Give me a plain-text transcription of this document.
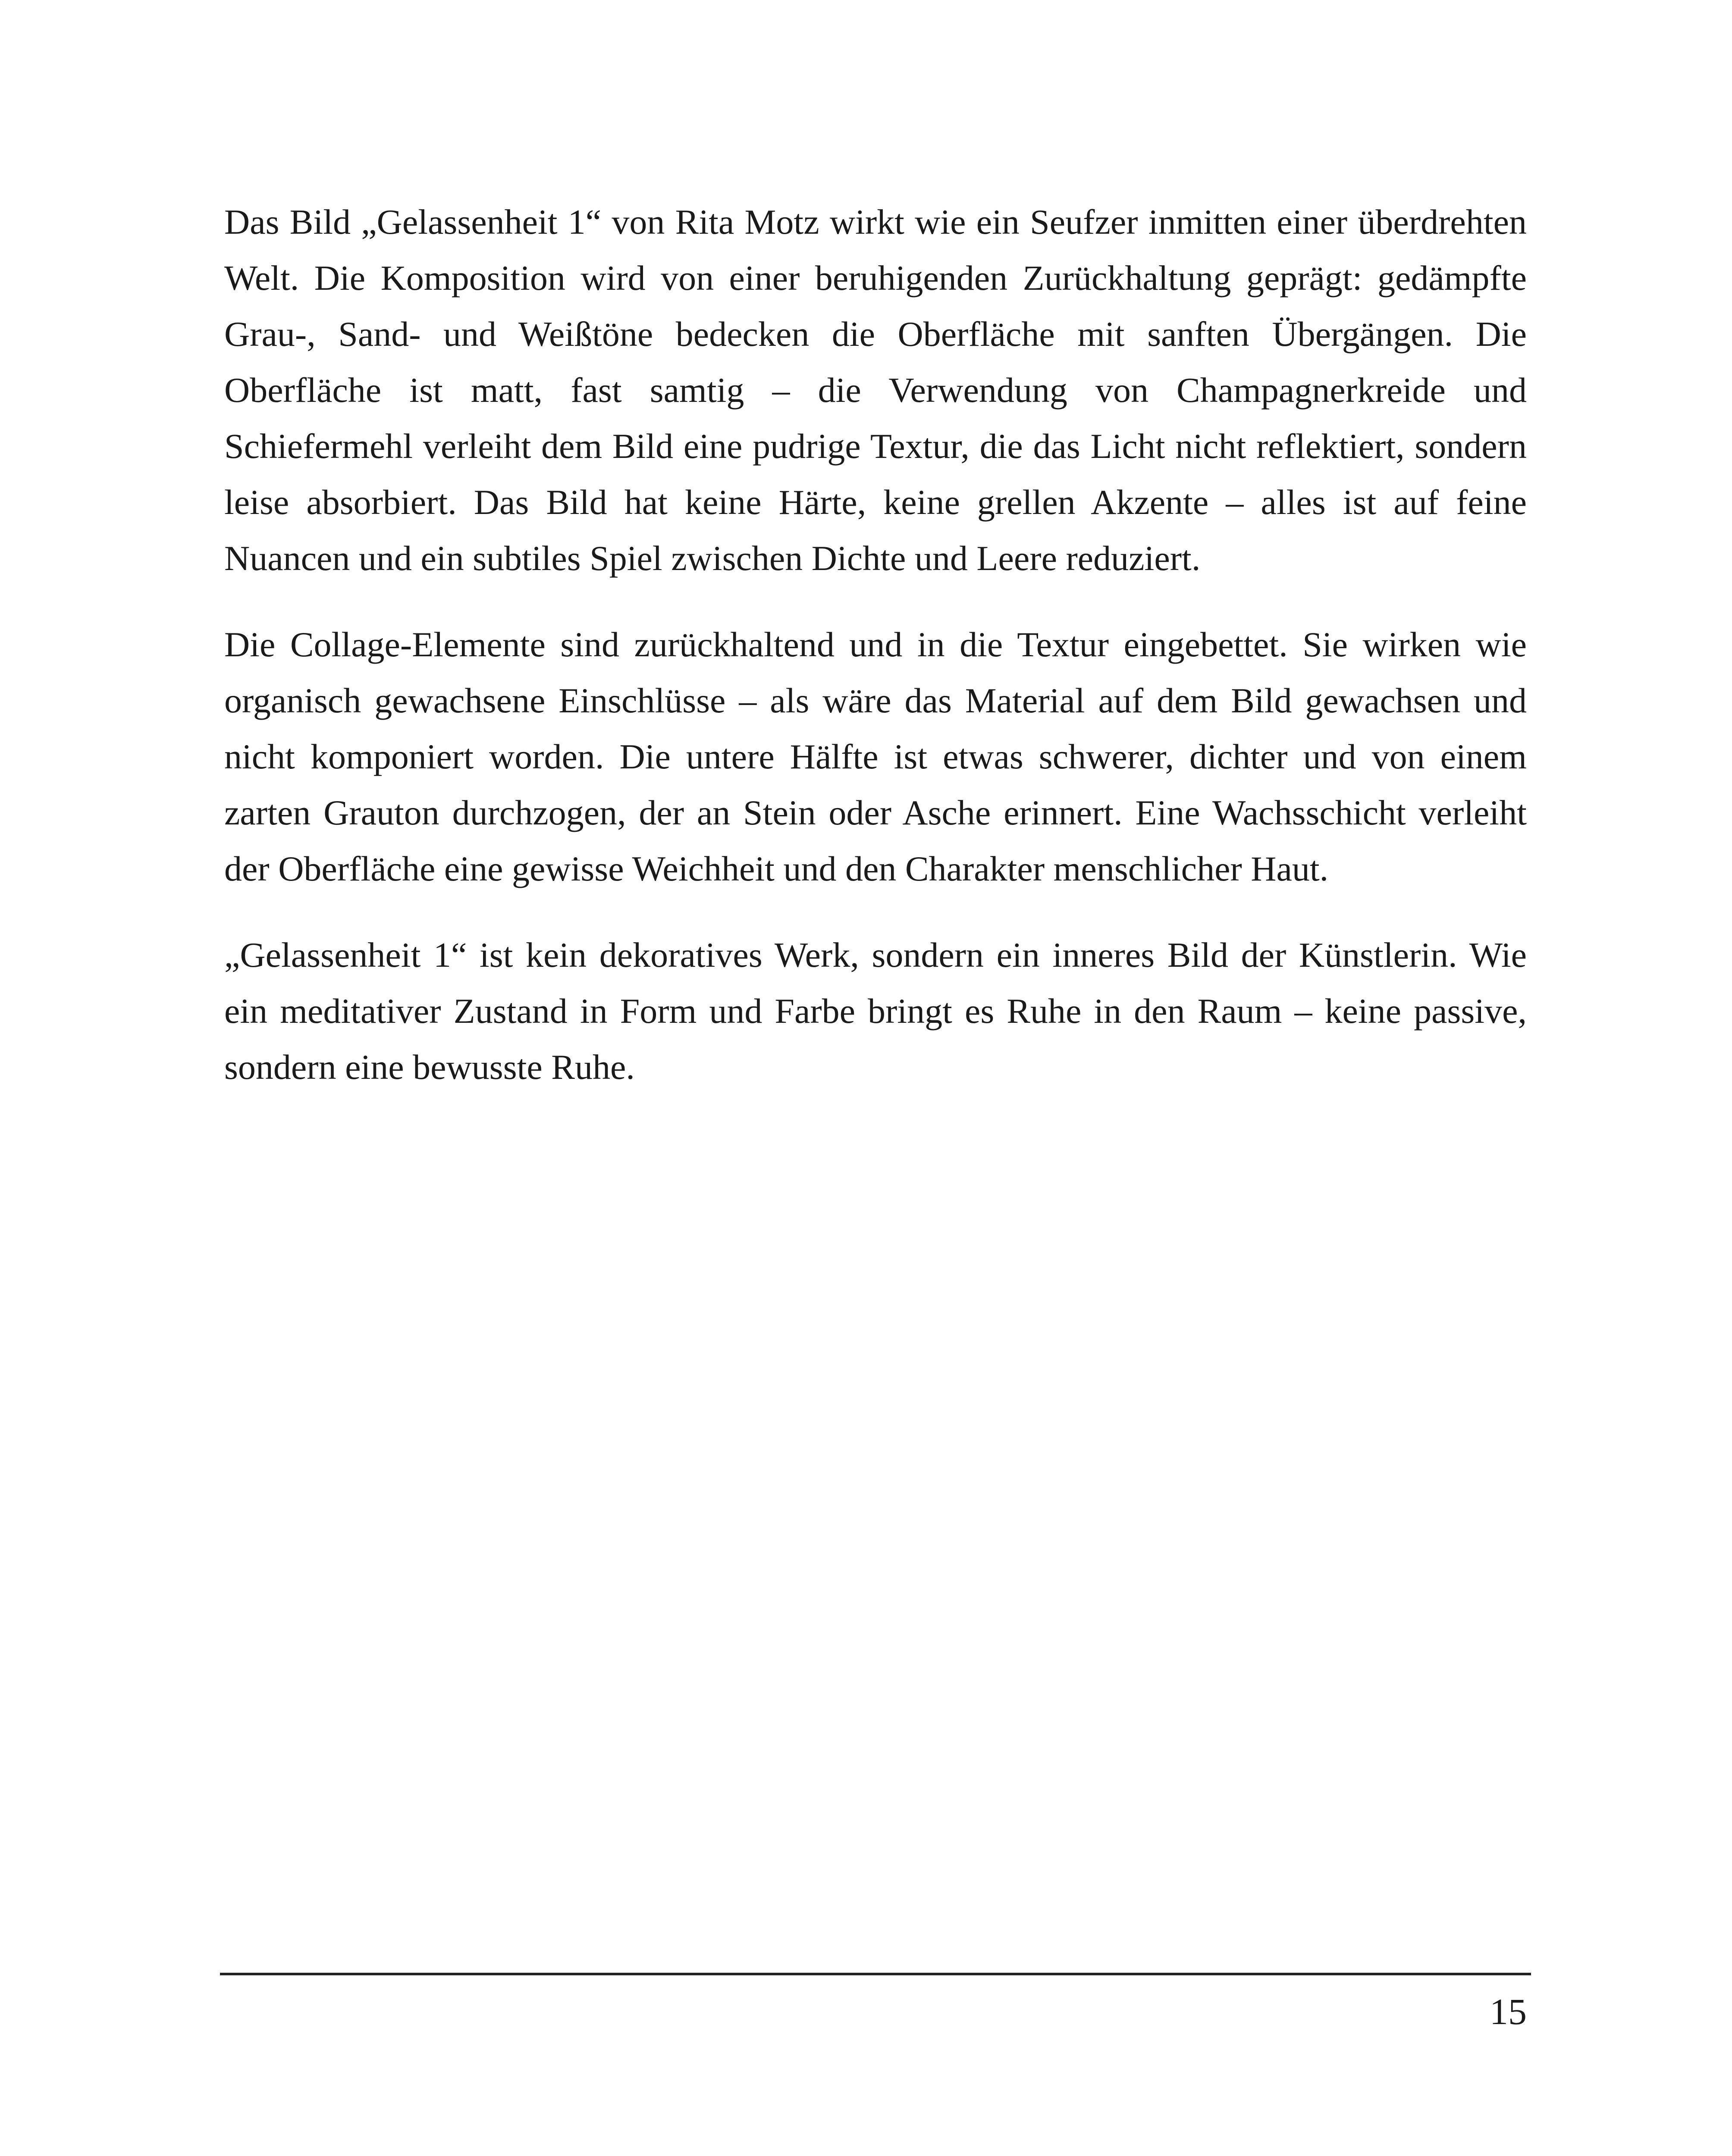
Das Bild „Gelassenheit 1“ von Rita Motz wirkt wie ein Seufzer inmitten einer überdrehten Welt. Die Komposition wird von einer beruhigenden Zurückhaltung geprägt: gedämpfte Grau-, Sand- und Weißtöne bedecken die Oberfläche mit sanften Übergängen. Die Oberfläche ist matt, fast samtig – die Verwendung von Champagnerkreide und Schiefermehl verleiht dem Bild eine pudrige Textur, die das Licht nicht reflektiert, sondern leise absorbiert. Das Bild hat keine Härte, keine grellen Akzente – alles ist auf feine Nuancen und ein subtiles Spiel zwischen Dichte und Leere reduziert.

Die Collage-Elemente sind zurückhaltend und in die Textur eingebettet. Sie wirken wie organisch gewachsene Einschlüsse – als wäre das Material auf dem Bild gewachsen und nicht komponiert worden. Die untere Hälfte ist etwas schwerer, dichter und von einem zarten Grauton durchzogen, der an Stein oder Asche erinnert. Eine Wachsschicht verleiht der Oberfläche eine gewisse Weichheit und den Charakter menschlicher Haut.

„Gelassenheit 1“ ist kein dekoratives Werk, sondern ein inneres Bild der Künstlerin. Wie ein meditativer Zustand in Form und Farbe bringt es Ruhe in den Raum – keine passive, sondern eine bewusste Ruhe.

15
